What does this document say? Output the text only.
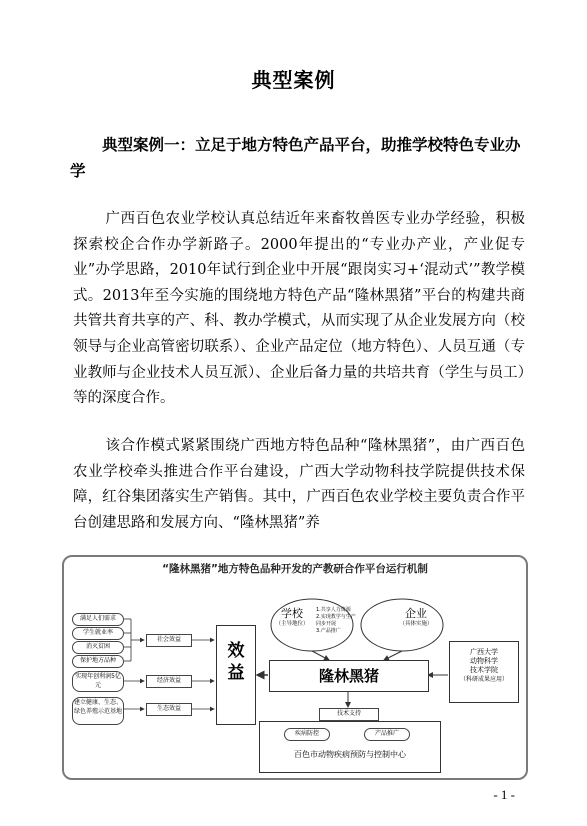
典型案例
典型案例一：立足于地方特色产品平台，助推学校特色专业办学
广西百色农业学校认真总结近年来畜牧兽医专业办学经验，积极探索校企合作办学新路子。2000年提出的“专业办产业，产业促专业”办学思路，2010年试行到企业中开展“跟岗实习+‘混动式’”教学模式。2013年至今实施的围绕地方特色产品“隆林黑猪”平台的构建共商共管共育共享的产、科、教办学模式，从而实现了从企业发展方向（校领导与企业高管密切联系）、企业产品定位（地方特色）、人员互通（专业教师与企业技术人员互派）、企业后备力量的共培共育（学生与员工）等的深度合作。
该合作模式紧紧围绕广西地方特色品种“隆林黑猪”，由广西百色农业学校牵头推进合作平台建设，广西大学动物科技学院提供技术保障，红谷集团落实生产销售。其中，广西百色农业学校主要负责合作平台创建思路和发展方向、“隆林黑猪”养
“隆林黑猪”地方特色品种开发的产教研合作平台运行机制
满足人们需求
学生就业率
消灭贫困
保护地方品种
实现年创利润5亿元
建立健康、生态、绿色养殖示范基地
社会效益
经济效益
生态效益
效益
学校
（主导地位）
企业
（具体实施）
1.共享人力资源
2.实现教学与生产
同步开展
3.产品推广
隆林黑猪
广西大学
动物科学
技术学院
（科研成果应用）
技术支持
疾病防控	产品推广
百色市动物疾病预防与控制中心
- 1 -
